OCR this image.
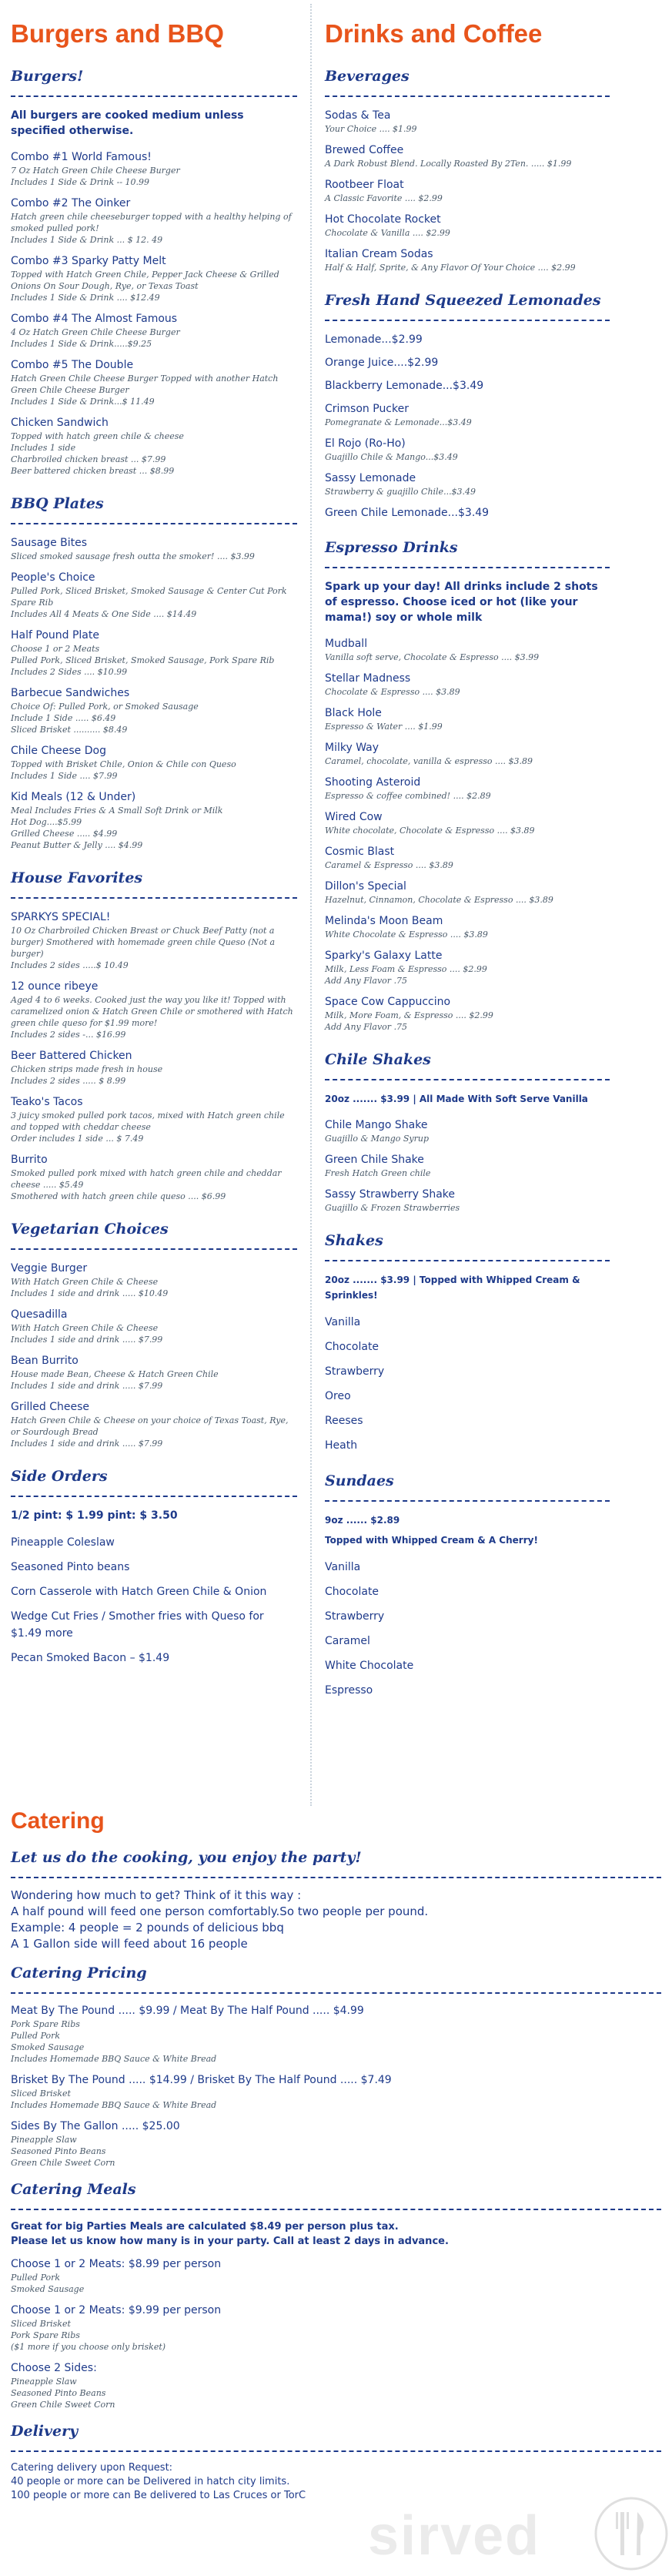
Burgers and BBQ
Burgers!

All burgers are cooked medium unless specified otherwise.

Combo #1 World Famous!
7 Oz Hatch Green Chile Cheese Burger
Includes 1 Side & Drink -- 10.99
Combo #2 The Oinker
Hatch green chile cheeseburger topped with a healthy helping of smoked pulled pork!
Includes 1 Side & Drink ... $ 12. 49
Combo #3 Sparky Patty Melt
Topped with Hatch Green Chile, Pepper Jack Cheese & Grilled Onions On Sour Dough, Rye, or Texas Toast
Includes 1 Side & Drink .... $12.49
Combo #4 The Almost Famous
4 Oz Hatch Green Chile Cheese Burger
Includes 1 Side & Drink.....$9.25
Combo #5 The Double
Hatch Green Chile Cheese Burger Topped with another Hatch Green Chile Cheese Burger
Includes 1 Side & Drink...$ 11.49
Chicken Sandwich
Topped with hatch green chile & cheese
Includes 1 side
Charbroiled chicken breast ... $7.99
Beer battered chicken breast ... $8.99
BBQ Plates
Sausage Bites
Sliced smoked sausage fresh outta the smoker! .... $3.99
People's Choice
Pulled Pork, Sliced Brisket, Smoked Sausage & Center Cut Pork Spare Rib
Includes All 4 Meats & One Side .... $14.49
Half Pound Plate
Choose 1 or 2 Meats
Pulled Pork, Sliced Brisket, Smoked Sausage, Pork Spare Rib
Includes 2 Sides .... $10.99
Barbecue Sandwiches
Choice Of: Pulled Pork, or Smoked Sausage
Include 1 Side ..... $6.49
Sliced Brisket .......... $8.49
Chile Cheese Dog
Topped with Brisket Chile, Onion & Chile con Queso
Includes 1 Side .... $7.99
Kid Meals (12 & Under)
Meal Includes Fries & A Small Soft Drink or Milk
Hot Dog....$5.99
Grilled Cheese ..... $4.99
Peanut Butter & Jelly .... $4.99
House Favorites
SPARKYS SPECIAL!
10 Oz Charbroiled Chicken Breast or Chuck Beef Patty (not a burger) Smothered with homemade green chile Queso (Not a burger)
Includes 2 sides .....$ 10.49
12 ounce ribeye
Aged 4 to 6 weeks. Cooked just the way you like it! Topped with caramelized onion & Hatch Green Chile or smothered with Hatch green chile queso for $1.99 more!
Includes 2 sides -... $16.99
Beer Battered Chicken
Chicken strips made fresh in house
Includes 2 sides ..... $ 8.99
Teako's Tacos
3 juicy smoked pulled pork tacos, mixed with Hatch green chile and topped with cheddar cheese
Order includes 1 side ... $ 7.49
Burrito
Smoked pulled pork mixed with hatch green chile and cheddar cheese ..... $5.49
Smothered with hatch green chile queso .... $6.99
Vegetarian Choices
Veggie Burger
With Hatch Green Chile & Cheese
Includes 1 side and drink ..... $10.49
Quesadilla
With Hatch Green Chile & Cheese
Includes 1 side and drink ..... $7.99
Bean Burrito
House made Bean, Cheese & Hatch Green Chile
Includes 1 side and drink ..... $7.99
Grilled Cheese
Hatch Green Chile & Cheese on your choice of Texas Toast, Rye, or Sourdough Bread
Includes 1 side and drink ..... $7.99
Side Orders

1/2 pint: $ 1.99 pint: $ 3.50

Pineapple Coleslaw
Seasoned Pinto beans
Corn Casserole with Hatch Green Chile & Onion
Wedge Cut Fries / Smother fries with Queso for $1.49 more
Pecan Smoked Bacon – $1.49
Drinks and Coffee
Beverages
Sodas & Tea
Your Choice .... $1.99
Brewed Coffee
A Dark Robust Blend. Locally Roasted By 2Ten. ..... $1.99
Rootbeer Float
A Classic Favorite .... $2.99
Hot Chocolate Rocket
Chocolate & Vanilla .... $2.99
Italian Cream Sodas
Half & Half, Sprite, & Any Flavor Of Your Choice .... $2.99
Fresh Hand Squeezed Lemonades
Lemonade...$2.99
Orange Juice....$2.99
Blackberry Lemonade...$3.49
Crimson Pucker
Pomegranate & Lemonade...$3.49
El Rojo (Ro-Ho)
Guajillo Chile & Mango...$3.49
Sassy Lemonade
Strawberry & guajillo Chile...$3.49
Green Chile Lemonade...$3.49
Espresso Drinks

Spark up your day! All drinks include 2 shots of espresso. Choose iced or hot (like your mama!) soy or whole milk

Mudball
Vanilla soft serve, Chocolate & Espresso .... $3.99
Stellar Madness
Chocolate & Espresso .... $3.89
Black Hole
Espresso & Water .... $1.99
Milky Way
Caramel, chocolate, vanilla & espresso .... $3.89
Shooting Asteroid
Espresso & coffee combined! .... $2.89
Wired Cow
White chocolate, Chocolate & Espresso .... $3.89
Cosmic Blast
Caramel & Espresso .... $3.89
Dillon's Special
Hazelnut, Cinnamon, Chocolate & Espresso .... $3.89
Melinda's Moon Beam
White Chocolate & Espresso .... $3.89
Sparky's Galaxy Latte
Milk, Less Foam & Espresso .... $2.99
Add Any Flavor .75
Space Cow Cappuccino
Milk, More Foam, & Espresso .... $2.99
Add Any Flavor .75
Chile Shakes

20oz ....... $3.99 | All Made With Soft Serve Vanilla

Chile Mango Shake
Guajillo & Mango Syrup
Green Chile Shake
Fresh Hatch Green chile
Sassy Strawberry Shake
Guajillo & Frozen Strawberries
Shakes

20oz ....... $3.99 | Topped with Whipped Cream & Sprinkles!

Vanilla
Chocolate
Strawberry
Oreo
Reeses
Heath
Sundaes

9oz ...... $2.89

Topped with Whipped Cream & A Cherry!

Vanilla
Chocolate
Strawberry
Caramel
White Chocolate
Espresso
Catering
Let us do the cooking, you enjoy the party!

Wondering how much to get? Think of it this way :

A half pound will feed one person comfortably.So two people per pound.

Example: 4 people = 2 pounds of delicious bbq

A 1 Gallon side will feed about 16 people

Catering Pricing
Meat By The Pound ..... $9.99 / Meat By The Half Pound ..... $4.99
Pork Spare Ribs
Pulled Pork
Smoked Sausage
Includes Homemade BBQ Sauce & White Bread
Brisket By The Pound ..... $14.99 / Brisket By The Half Pound ..... $7.49
Sliced Brisket
Includes Homemade BBQ Sauce & White Bread
Sides By The Gallon ..... $25.00
Pineapple Slaw
Seasoned Pinto Beans
Green Chile Sweet Corn
Catering Meals

Great for big Parties Meals are calculated $8.49 per person plus tax.

Please let us know how many is in your party. Call at least 2 days in advance.

Choose 1 or 2 Meats: $8.99 per person
Pulled Pork
Smoked Sausage
Choose 1 or 2 Meats: $9.99 per person
Sliced Brisket
Pork Spare Ribs
($1 more if you choose only brisket)
Choose 2 Sides:
Pineapple Slaw
Seasoned Pinto Beans
Green Chile Sweet Corn
Delivery

Catering delivery upon Request:

40 people or more can be Delivered in hatch city limits.

100 people or more can Be delivered to Las Cruces or TorC

sirved
